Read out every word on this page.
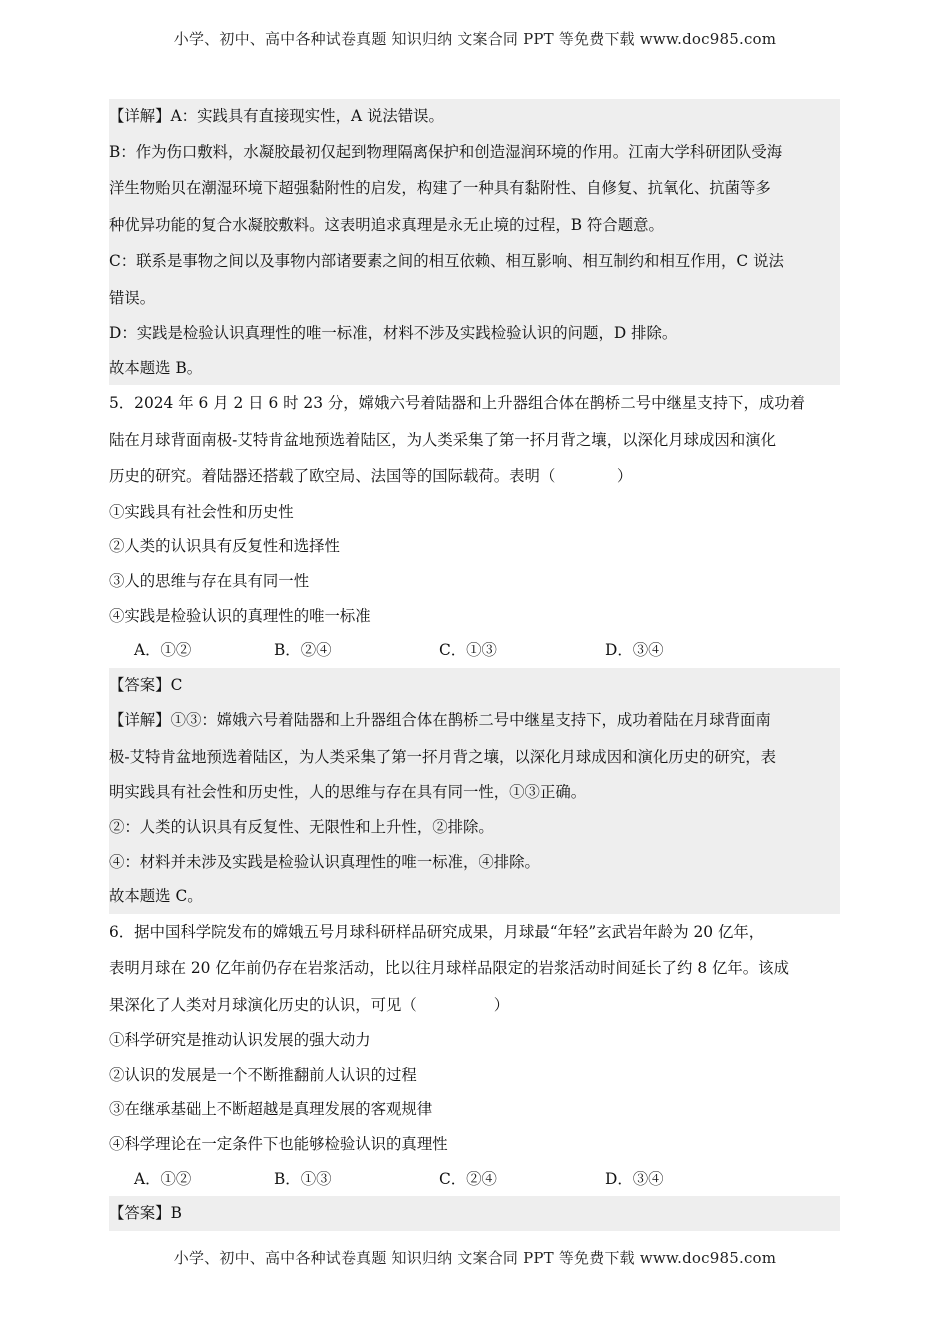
小学、初中、高中各种试卷真题 知识归纳 文案合同 PPT 等免费下载 www.doc985.com
【详解】A：实践具有直接现实性，A 说法错误。
B：作为伤口敷料，水凝胶最初仅起到物理隔离保护和创造湿润环境的作用。江南大学科研团队受海
洋生物贻贝在潮湿环境下超强黏附性的启发，构建了一种具有黏附性、自修复、抗氧化、抗菌等多
种优异功能的复合水凝胶敷料。这表明追求真理是永无止境的过程，B 符合题意。
C：联系是事物之间以及事物内部诸要素之间的相互依赖、相互影响、相互制约和相互作用，C 说法
错误。
D：实践是检验认识真理性的唯一标准，材料不涉及实践检验认识的问题，D 排除。
故本题选 B。
5．2024 年 6 月 2 日 6 时 23 分，嫦娥六号着陆器和上升器组合体在鹊桥二号中继星支持下，成功着
陆在月球背面南极-艾特肯盆地预选着陆区，为人类采集了第一抔月背之壤，以深化月球成因和演化
历史的研究。着陆器还搭载了欧空局、法国等的国际载荷。表明（　　　　）
①实践具有社会性和历史性
②人类的认识具有反复性和选择性
③人的思维与存在具有同一性
④实践是检验认识的真理性的唯一标准
A．①②	B．②④	C．①③	D．③④
【答案】C
【详解】①③：嫦娥六号着陆器和上升器组合体在鹊桥二号中继星支持下，成功着陆在月球背面南
极-艾特肯盆地预选着陆区，为人类采集了第一抔月背之壤，以深化月球成因和演化历史的研究，表
明实践具有社会性和历史性，人的思维与存在具有同一性，①③正确。
②：人类的认识具有反复性、无限性和上升性，②排除。
④：材料并未涉及实践是检验认识真理性的唯一标准，④排除。
故本题选 C。
6．据中国科学院发布的嫦娥五号月球科研样品研究成果，月球最“年轻”玄武岩年龄为 20 亿年，
表明月球在 20 亿年前仍存在岩浆活动，比以往月球样品限定的岩浆活动时间延长了约 8 亿年。该成
果深化了人类对月球演化历史的认识，可见（　　　　　）
①科学研究是推动认识发展的强大动力
②认识的发展是一个不断推翻前人认识的过程
③在继承基础上不断超越是真理发展的客观规律
④科学理论在一定条件下也能够检验认识的真理性
A．①②	B．①③	C．②④	D．③④
【答案】B
小学、初中、高中各种试卷真题 知识归纳 文案合同 PPT 等免费下载 www.doc985.com
